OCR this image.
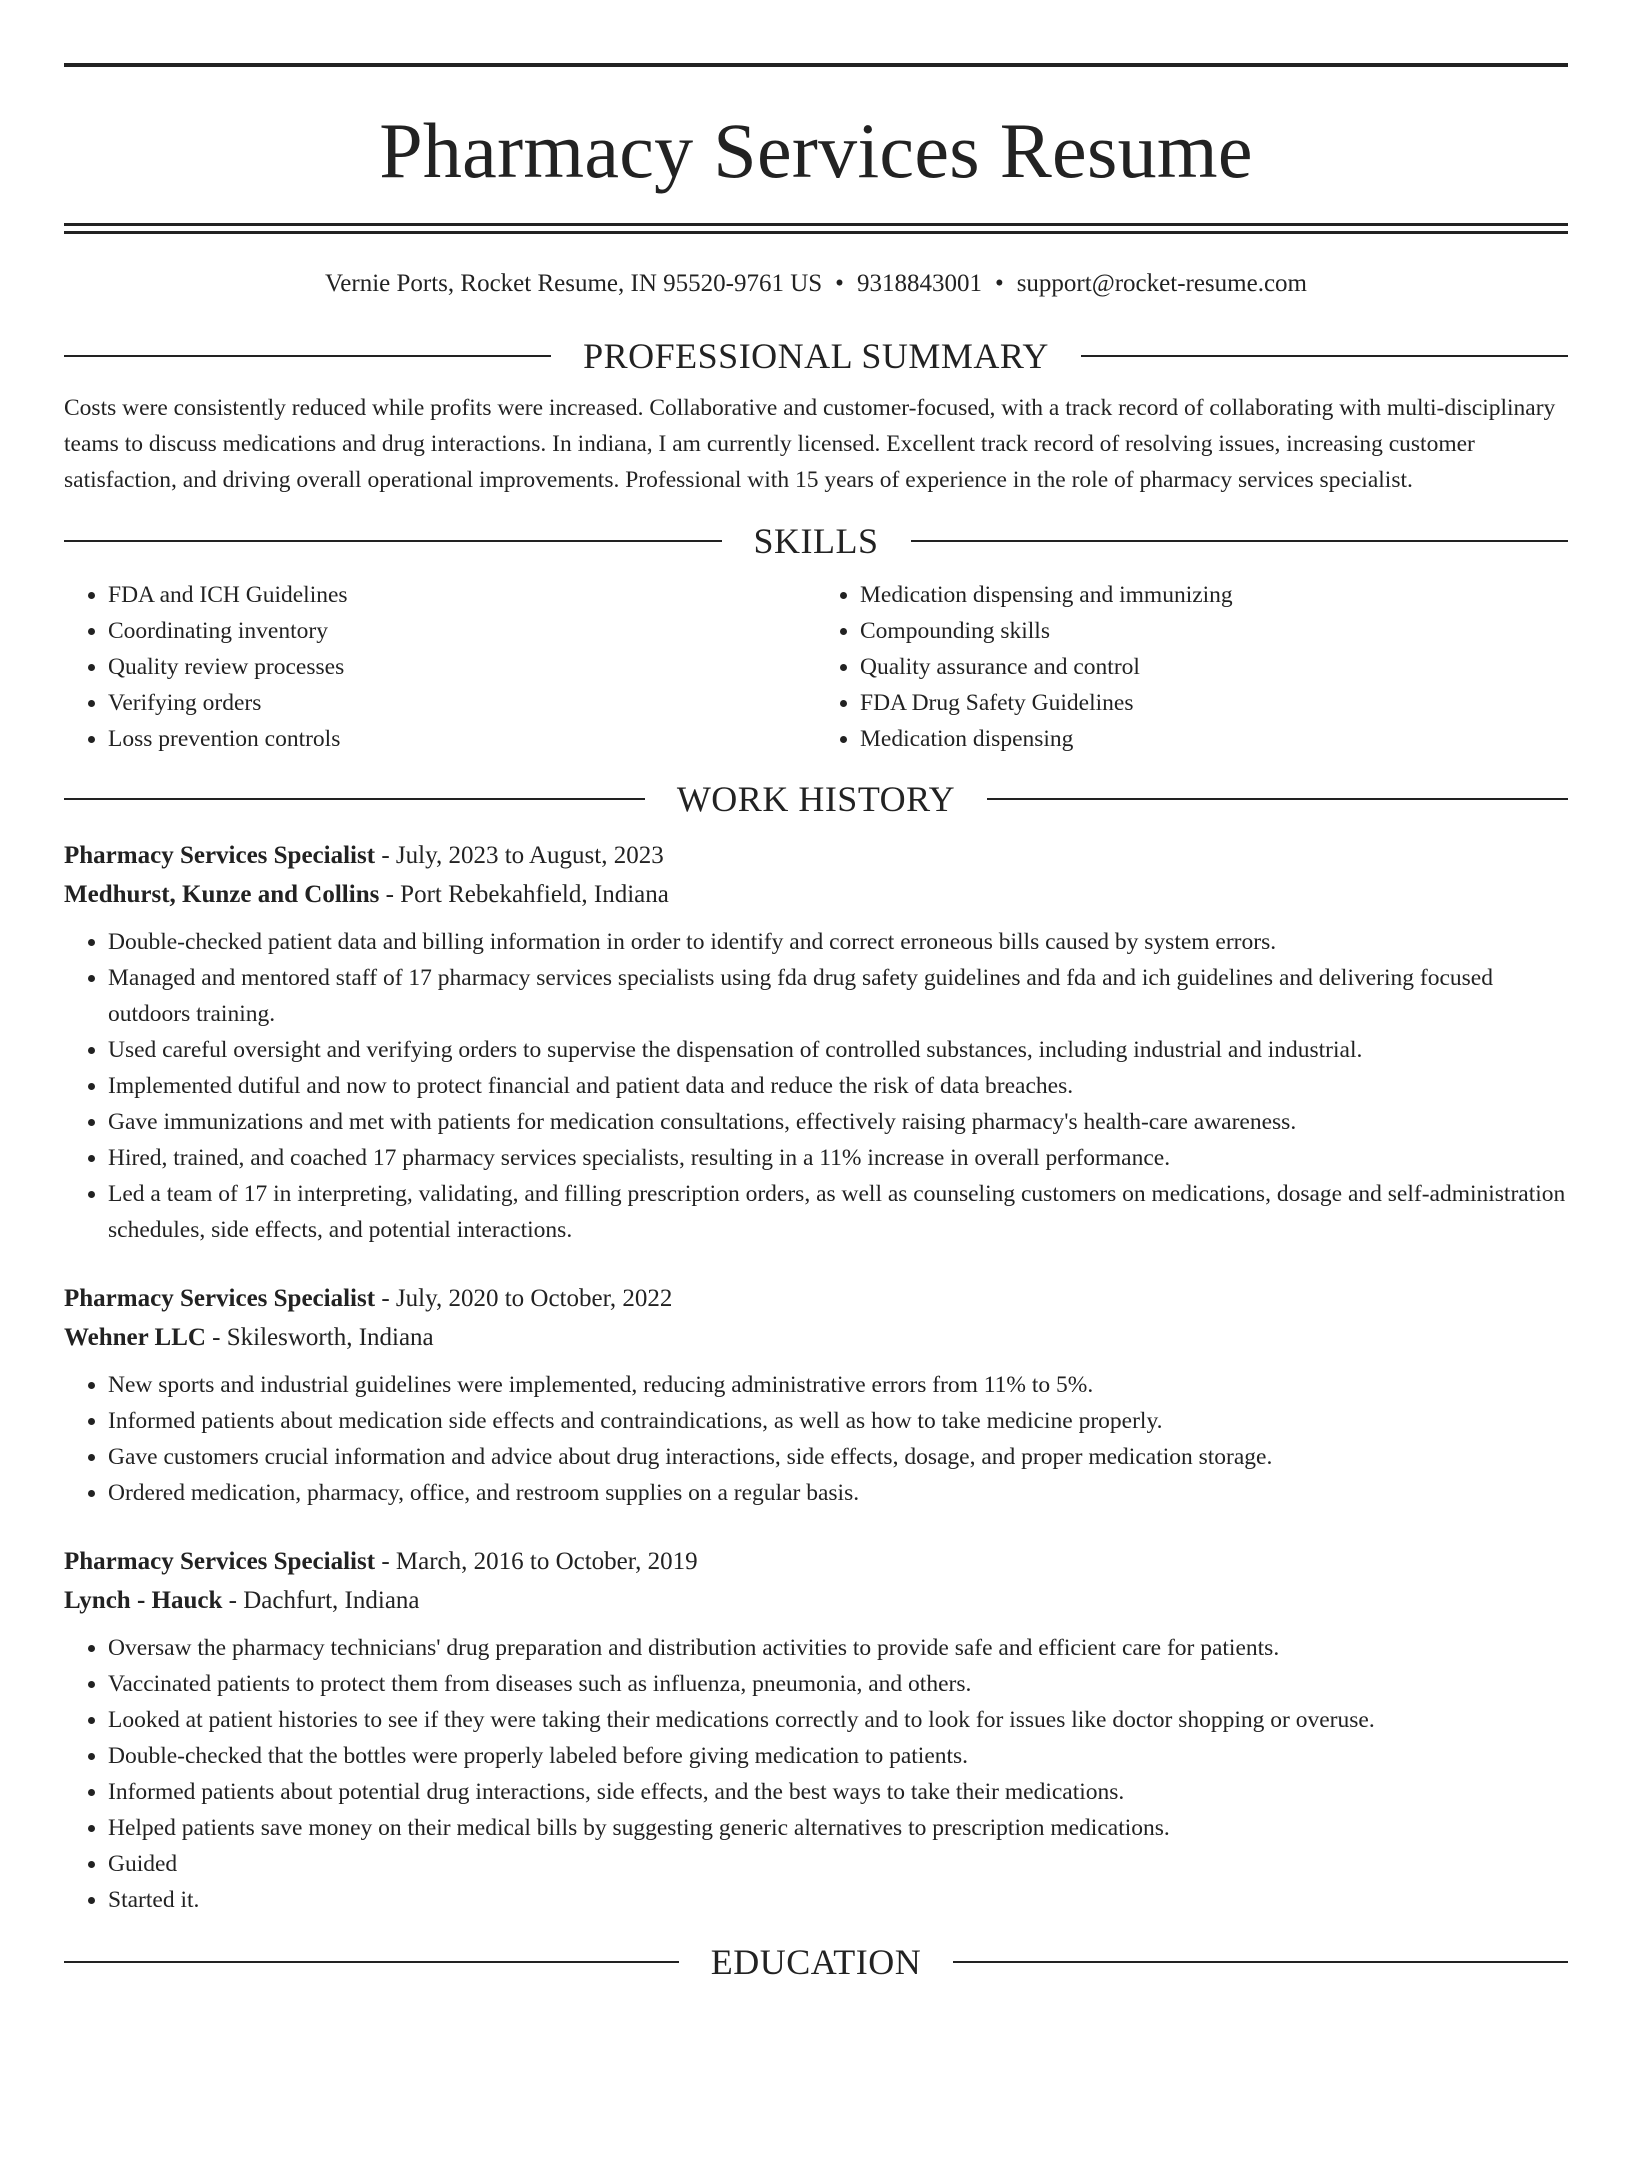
Pharmacy Services Resume
Vernie Ports, Rocket Resume, IN 95520-9761 US • 9318843001 • support@rocket-resume.com
PROFESSIONAL SUMMARY
Costs were consistently reduced while profits were increased. Collaborative and customer-focused, with a track record of collaborating with multi-disciplinary teams to discuss medications and drug interactions. In indiana, I am currently licensed. Excellent track record of resolving issues, increasing customer satisfaction, and driving overall operational improvements. Professional with 15 years of experience in the role of pharmacy services specialist.
SKILLS
• FDA and ICH Guidelines
• Coordinating inventory
• Quality review processes
• Verifying orders
• Loss prevention controls
• Medication dispensing and immunizing
• Compounding skills
• Quality assurance and control
• FDA Drug Safety Guidelines
• Medication dispensing
WORK HISTORY
Pharmacy Services Specialist - July, 2023 to August, 2023
Medhurst, Kunze and Collins - Port Rebekahfield, Indiana
• Double-checked patient data and billing information in order to identify and correct erroneous bills caused by system errors.
• Managed and mentored staff of 17 pharmacy services specialists using fda drug safety guidelines and fda and ich guidelines and delivering focused outdoors training.
• Used careful oversight and verifying orders to supervise the dispensation of controlled substances, including industrial and industrial.
• Implemented dutiful and now to protect financial and patient data and reduce the risk of data breaches.
• Gave immunizations and met with patients for medication consultations, effectively raising pharmacy's health-care awareness.
• Hired, trained, and coached 17 pharmacy services specialists, resulting in a 11% increase in overall performance.
• Led a team of 17 in interpreting, validating, and filling prescription orders, as well as counseling customers on medications, dosage and self-administration schedules, side effects, and potential interactions.
Pharmacy Services Specialist - July, 2020 to October, 2022
Wehner LLC - Skilesworth, Indiana
• New sports and industrial guidelines were implemented, reducing administrative errors from 11% to 5%.
• Informed patients about medication side effects and contraindications, as well as how to take medicine properly.
• Gave customers crucial information and advice about drug interactions, side effects, dosage, and proper medication storage.
• Ordered medication, pharmacy, office, and restroom supplies on a regular basis.
Pharmacy Services Specialist - March, 2016 to October, 2019
Lynch - Hauck - Dachfurt, Indiana
• Oversaw the pharmacy technicians' drug preparation and distribution activities to provide safe and efficient care for patients.
• Vaccinated patients to protect them from diseases such as influenza, pneumonia, and others.
• Looked at patient histories to see if they were taking their medications correctly and to look for issues like doctor shopping or overuse.
• Double-checked that the bottles were properly labeled before giving medication to patients.
• Informed patients about potential drug interactions, side effects, and the best ways to take their medications.
• Helped patients save money on their medical bills by suggesting generic alternatives to prescription medications.
• Guided
• Started it.
EDUCATION
